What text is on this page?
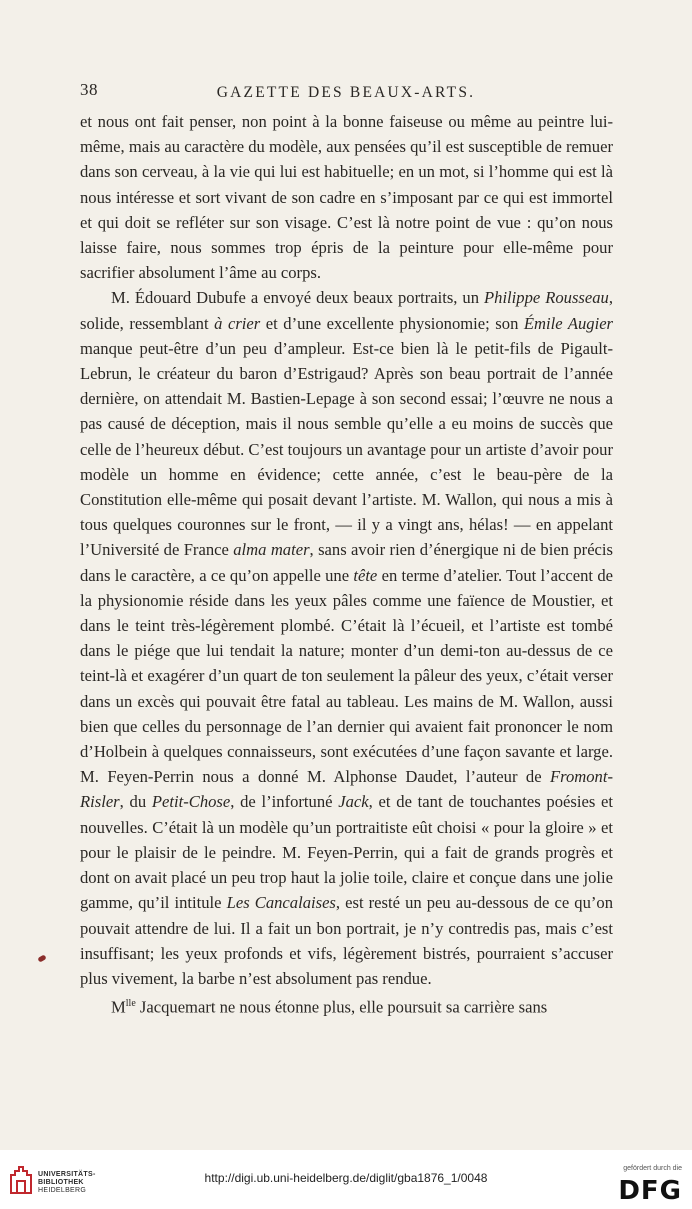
38	GAZETTE DES BEAUX-ARTS.

et nous ont fait penser, non point à la bonne faiseuse ou même au peintre lui-même, mais au caractère du modèle, aux pensées qu’il est susceptible de remuer dans son cerveau, à la vie qui lui est habituelle; en un mot, si l’homme qui est là nous intéresse et sort vivant de son cadre en s’imposant par ce qui est immortel et qui doit se refléter sur son visage. C’est là notre point de vue : qu’on nous laisse faire, nous sommes trop épris de la peinture pour elle-même pour sacrifier absolument l’âme au corps.

M. Édouard Dubufe a envoyé deux beaux portraits, un Philippe Rousseau, solide, ressemblant à crier et d’une excellente physionomie; son Émile Augier manque peut-être d’un peu d’ampleur. Est-ce bien là le petit-fils de Pigault-Lebrun, le créateur du baron d’Estrigaud? Après son beau portrait de l’année dernière, on attendait M. Bastien-Lepage à son second essai; l’œuvre ne nous a pas causé de déception, mais il nous semble qu’elle a eu moins de succès que celle de l’heureux début. C’est toujours un avantage pour un artiste d’avoir pour modèle un homme en évidence; cette année, c’est le beau-père de la Constitution elle-même qui posait devant l’artiste. M. Wallon, qui nous a mis à tous quelques couronnes sur le front, — il y a vingt ans, hélas! — en appelant l’Université de France alma mater, sans avoir rien d’énergique ni de bien précis dans le caractère, a ce qu’on appelle une tête en terme d’atelier. Tout l’accent de la physionomie réside dans les yeux pâles comme une faïence de Moustier, et dans le teint très-légèrement plombé. C’était là l’écueil, et l’artiste est tombé dans le piége que lui tendait la nature; monter d’un demi-ton au-dessus de ce teint-là et exagérer d’un quart de ton seulement la pâleur des yeux, c’était verser dans un excès qui pouvait être fatal au tableau. Les mains de M. Wallon, aussi bien que celles du personnage de l’an dernier qui avaient fait prononcer le nom d’Holbein à quelques connaisseurs, sont exécutées d’une façon savante et large. M. Feyen-Perrin nous a donné M. Alphonse Daudet, l’auteur de Fromont-Risler, du Petit-Chose, de l’infortuné Jack, et de tant de touchantes poésies et nouvelles. C’était là un modèle qu’un portraitiste eût choisi « pour la gloire » et pour le plaisir de le peindre. M. Feyen-Perrin, qui a fait de grands progrès et dont on avait placé un peu trop haut la jolie toile, claire et conçue dans une jolie gamme, qu’il intitule Les Cancalaises, est resté un peu au-dessous de ce qu’on pouvait attendre de lui. Il a fait un bon portrait, je n’y contredis pas, mais c’est insuffisant; les yeux profonds et vifs, légèrement bistrés, pourraient s’accuser plus vivement, la barbe n’est absolument pas rendue.

$M^{lle}$ Jacquemart ne nous étonne plus, elle poursuit sa carrière sans

UNIVERSITÄTS-
BIBLIOTHEK
HEIDELBERG
http://digi.ub.uni-heidelberg.de/diglit/gba1876_1/0048
gefördert durch die
DFG
